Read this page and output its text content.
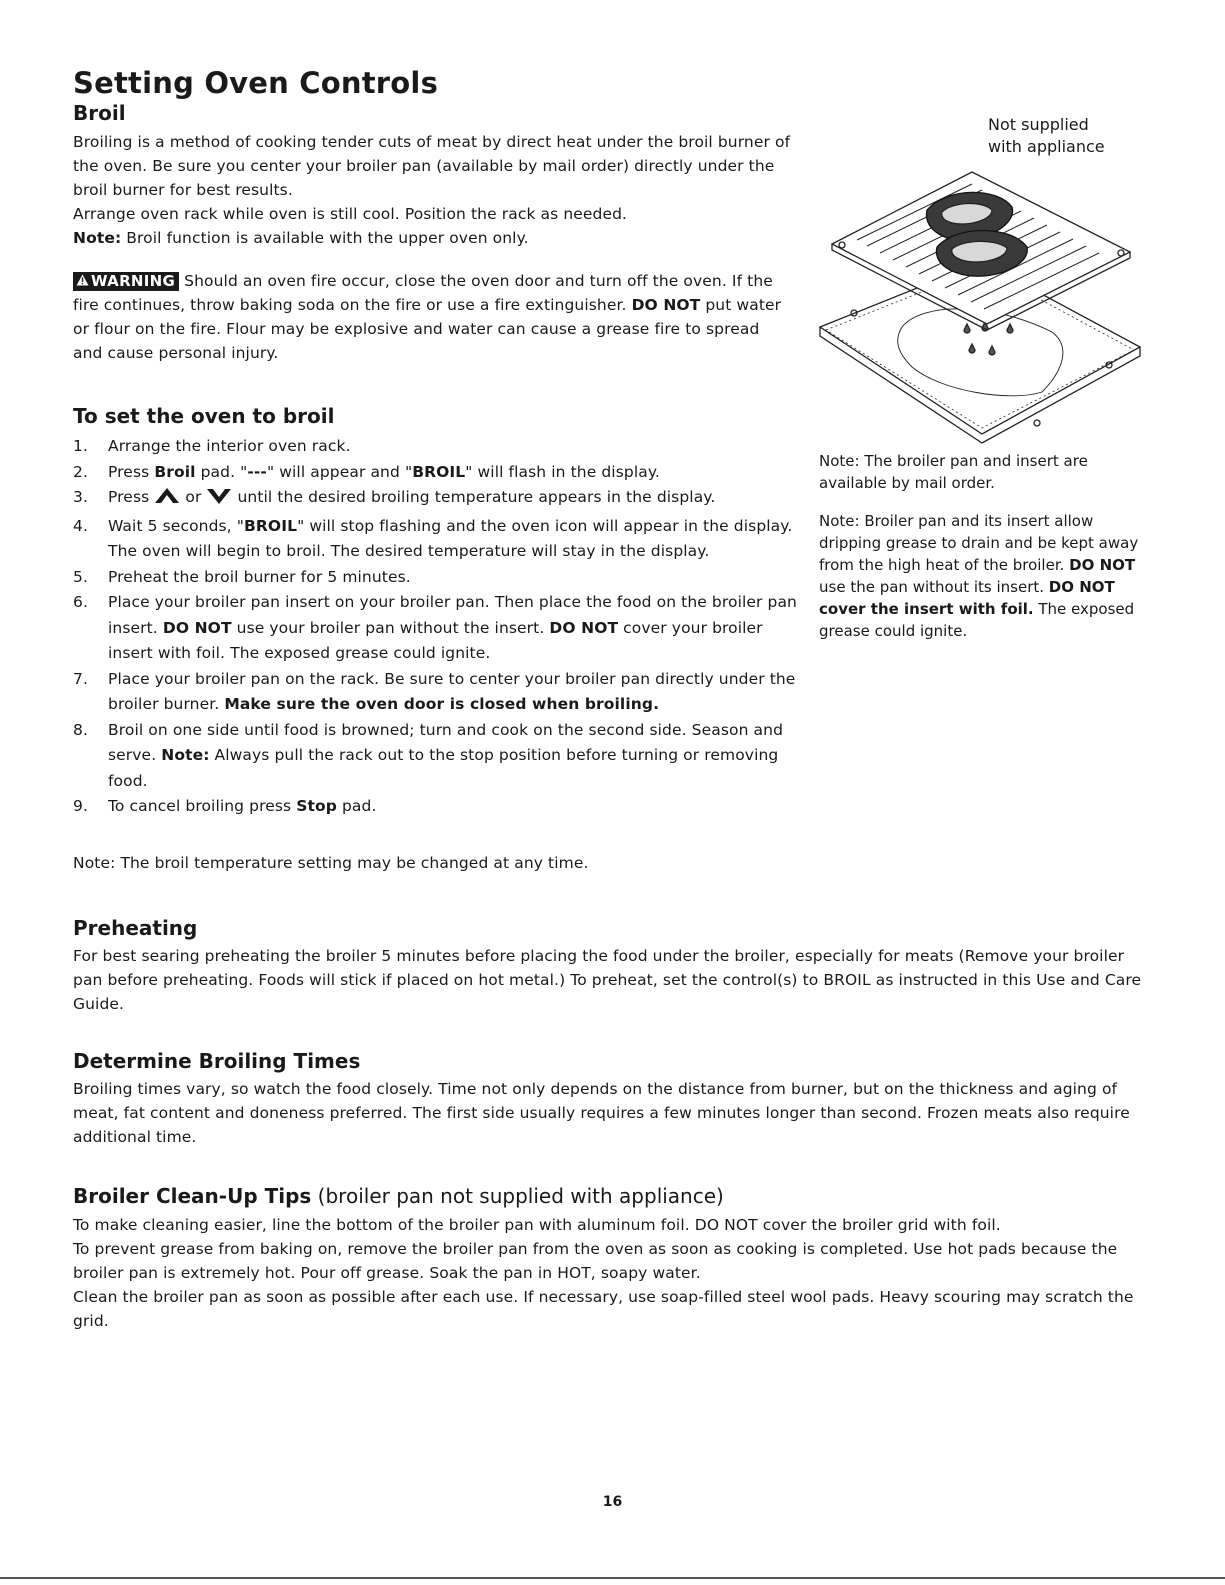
Setting Oven Controls
Broil

Broiling is a method of cooking tender cuts of meat by direct heat under the broil burner of the oven. Be sure you center your broiler pan (available by mail order) directly under the broil burner for best results.

Arrange oven rack while oven is still cool. Position the rack as needed.

Note: Broil function is available with the upper oven only.

WARNING Should an oven fire occur, close the oven door and turn off the oven. If the fire continues, throw baking soda on the fire or use a fire extinguisher. DO NOT put water or flour on the fire. Flour may be explosive and water can cause a grease fire to spread and cause personal injury.

Not supplied
with appliance
Note: The broiler pan and insert are available by mail order.
Note: Broiler pan and its insert allow dripping grease to drain and be kept away from the high heat of the broiler. DO NOT use the pan without its insert. DO NOT cover the insert with foil. The exposed grease could ignite.
To set the oven to broil
1. Arrange the interior oven rack.
2. Press Broil pad. "---" will appear and "BROIL" will flash in the display.
3. Press  or  until the desired broiling temperature appears in the display.
4. Wait 5 seconds, "BROIL" will stop flashing and the oven icon will appear in the display. The oven will begin to broil. The desired temperature will stay in the display.
5. Preheat the broil burner for 5 minutes.
6. Place your broiler pan insert on your broiler pan. Then place the food on the broiler pan insert. DO NOT use your broiler pan without the insert. DO NOT cover your broiler insert with foil. The exposed grease could ignite.
7. Place your broiler pan on the rack. Be sure to center your broiler pan directly under the broiler burner. Make sure the oven door is closed when broiling.
8. Broil on one side until food is browned; turn and cook on the second side. Season and serve. Note: Always pull the rack out to the stop position before turning or removing food.
9. To cancel broiling press Stop pad.
Note: The broil temperature setting may be changed at any time.
Preheating
For best searing preheating the broiler 5 minutes before placing the food under the broiler, especially for meats (Remove your broiler pan before preheating. Foods will stick if placed on hot metal.) To preheat, set the control(s) to BROIL as instructed in this Use and Care Guide.
Determine Broiling Times
Broiling times vary, so watch the food closely. Time not only depends on the distance from burner, but on the thickness and aging of meat, fat content and doneness preferred. The first side usually requires a few minutes longer than second. Frozen meats also require additional time.
Broiler Clean-Up Tips (broiler pan not supplied with appliance)

To make cleaning easier, line the bottom of the broiler pan with aluminum foil. DO NOT cover the broiler grid with foil.

To prevent grease from baking on, remove the broiler pan from the oven as soon as cooking is completed. Use hot pads because the broiler pan is extremely hot. Pour off grease. Soak the pan in HOT, soapy water.

Clean the broiler pan as soon as possible after each use. If necessary, use soap-filled steel wool pads. Heavy scouring may scratch the grid.

16
